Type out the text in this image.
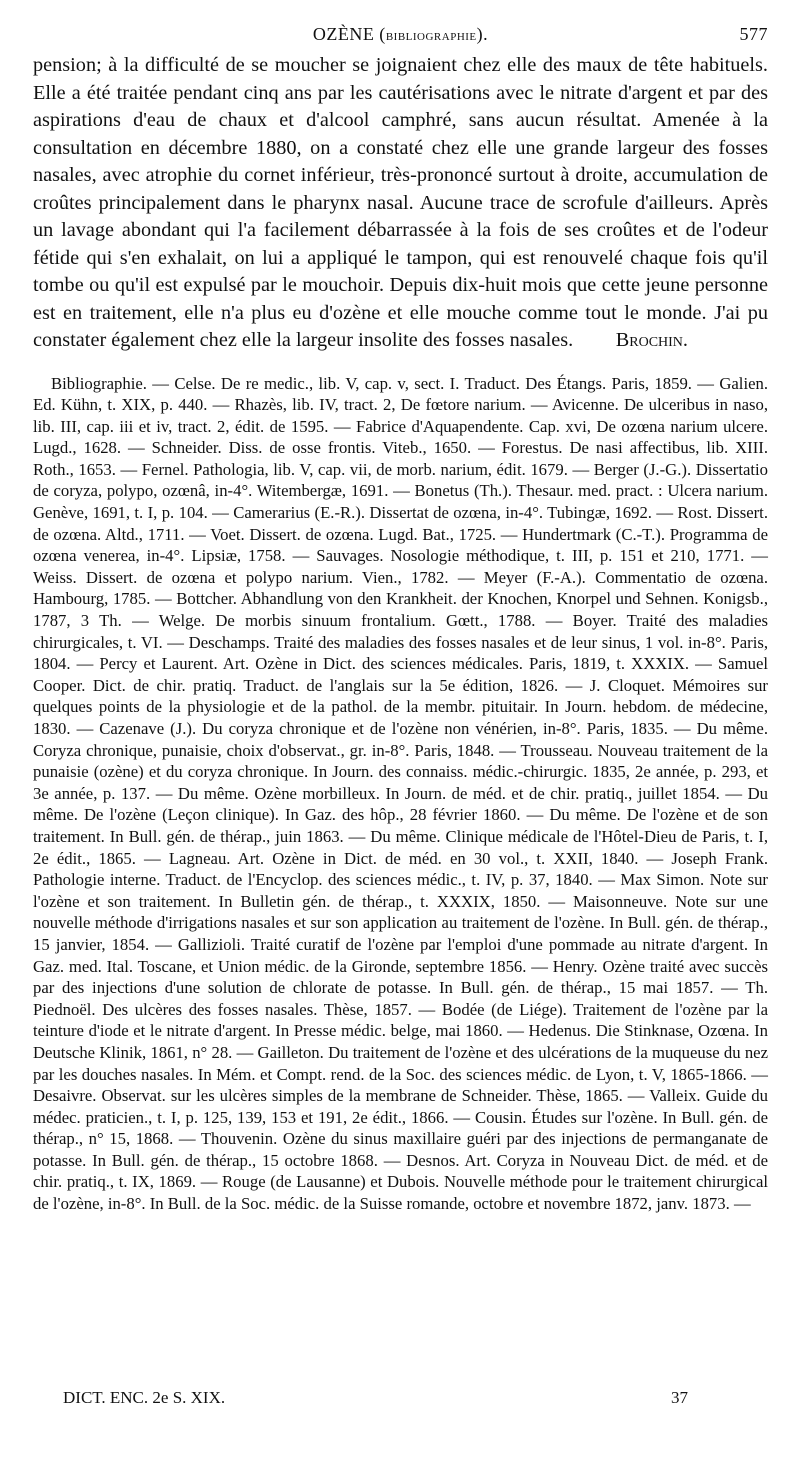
OZÈNE (bibliographie).	577

pension; à la difficulté de se moucher se joignaient chez elle des maux de tête habituels. Elle a été traitée pendant cinq ans par les cautérisations avec le nitrate d'argent et par des aspirations d'eau de chaux et d'alcool camphré, sans aucun résultat. Amenée à la consultation en décembre 1880, on a constaté chez elle une grande largeur des fosses nasales, avec atrophie du cornet inférieur, très-prononcé surtout à droite, accumulation de croûtes principalement dans le pharynx nasal. Aucune trace de scrofule d'ailleurs. Après un lavage abondant qui l'a facilement débarrassée à la fois de ses croûtes et de l'odeur fétide qui s'en exhalait, on lui a appliqué le tampon, qui est renouvelé chaque fois qu'il tombe ou qu'il est expulsé par le mouchoir. Depuis dix-huit mois que cette jeune personne est en traitement, elle n'a plus eu d'ozène et elle mouche comme tout le monde. J'ai pu constater également chez elle la largeur insolite des fosses nasales.	Brochin.
Bibliographie. — Celse. De re medic., lib. V, cap. v, sect. I. Traduct. Des Étangs. Paris, 1859. — Galien. Ed. Kühn, t. XIX, p. 440. — Rhazès, lib. IV, tract. 2, De fœtore narium. — Avicenne. De ulceribus in naso, lib. III, cap. iii et iv, tract. 2, édit. de 1595. — Fabrice d'Aquapendente. Cap. xvi, De ozœna narium ulcere. Lugd., 1628. — Schneider. Diss. de osse frontis. Viteb., 1650. — Forestus. De nasi affectibus, lib. XIII. Roth., 1653. — Fernel. Pathologia, lib. V, cap. vii, de morb. narium, édit. 1679. — Berger (J.-G.). Dissertatio de coryza, polypo, ozœnâ, in-4°. Witembergæ, 1691. — Bonetus (Th.). Thesaur. med. pract. : Ulcera narium. Genève, 1691, t. I, p. 104. — Camerarius (E.-R.). Dissertat de ozœna, in-4°. Tubingæ, 1692. — Rost. Dissert. de ozœna. Altd., 1711. — Voet. Dissert. de ozœna. Lugd. Bat., 1725. — Hundertmark (C.-T.). Programma de ozœna venerea, in-4°. Lipsiæ, 1758. — Sauvages. Nosologie méthodique, t. III, p. 151 et 210, 1771. — Weiss. Dissert. de ozœna et polypo narium. Vien., 1782. — Meyer (F.-A.). Commentatio de ozœna. Hambourg, 1785. — Bottcher. Abhandlung von den Krankheit. der Knochen, Knorpel und Sehnen. Konigsb., 1787, 3 Th. — Welge. De morbis sinuum frontalium. Gœtt., 1788. — Boyer. Traité des maladies chirurgicales, t. VI. — Deschamps. Traité des maladies des fosses nasales et de leur sinus, 1 vol. in-8°. Paris, 1804. — Percy et Laurent. Art. Ozène in Dict. des sciences médicales. Paris, 1819, t. XXXIX. — Samuel Cooper. Dict. de chir. pratiq. Traduct. de l'anglais sur la 5e édition, 1826. — J. Cloquet. Mémoires sur quelques points de la physiologie et de la pathol. de la membr. pituitair. In Journ. hebdom. de médecine, 1830. — Cazenave (J.). Du coryza chronique et de l'ozène non vénérien, in-8°. Paris, 1835. — Du même. Coryza chronique, punaisie, choix d'observat., gr. in-8°. Paris, 1848. — Trousseau. Nouveau traitement de la punaisie (ozène) et du coryza chronique. In Journ. des connaiss. médic.-chirurgic. 1835, 2e année, p. 293, et 3e année, p. 137. — Du même. Ozène morbilleux. In Journ. de méd. et de chir. pratiq., juillet 1854. — Du même. De l'ozène (Leçon clinique). In Gaz. des hôp., 28 février 1860. — Du même. De l'ozène et de son traitement. In Bull. gén. de thérap., juin 1863. — Du même. Clinique médicale de l'Hôtel-Dieu de Paris, t. I, 2e édit., 1865. — Lagneau. Art. Ozène in Dict. de méd. en 30 vol., t. XXII, 1840. — Joseph Frank. Pathologie interne. Traduct. de l'Encyclop. des sciences médic., t. IV, p. 37, 1840. — Max Simon. Note sur l'ozène et son traitement. In Bulletin gén. de thérap., t. XXXIX, 1850. — Maisonneuve. Note sur une nouvelle méthode d'irrigations nasales et sur son application au traitement de l'ozène. In Bull. gén. de thérap., 15 janvier, 1854. — Gallizioli. Traité curatif de l'ozène par l'emploi d'une pommade au nitrate d'argent. In Gaz. med. Ital. Toscane, et Union médic. de la Gironde, septembre 1856. — Henry. Ozène traité avec succès par des injections d'une solution de chlorate de potasse. In Bull. gén. de thérap., 15 mai 1857. — Th. Piednoël. Des ulcères des fosses nasales. Thèse, 1857. — Bodée (de Liége). Traitement de l'ozène par la teinture d'iode et le nitrate d'argent. In Presse médic. belge, mai 1860. — Hedenus. Die Stinknase, Ozœna. In Deutsche Klinik, 1861, n° 28. — Gailleton. Du traitement de l'ozène et des ulcérations de la muqueuse du nez par les douches nasales. In Mém. et Compt. rend. de la Soc. des sciences médic. de Lyon, t. V, 1865-1866. — Desaivre. Observat. sur les ulcères simples de la membrane de Schneider. Thèse, 1865. — Valleix. Guide du médec. praticien., t. I, p. 125, 139, 153 et 191, 2e édit., 1866. — Cousin. Études sur l'ozène. In Bull. gén. de thérap., n° 15, 1868. — Thouvenin. Ozène du sinus maxillaire guéri par des injections de permanganate de potasse. In Bull. gén. de thérap., 15 octobre 1868. — Desnos. Art. Coryza in Nouveau Dict. de méd. et de chir. pratiq., t. IX, 1869. — Rouge (de Lausanne) et Dubois. Nouvelle méthode pour le traitement chirurgical de l'ozène, in-8°. In Bull. de la Soc. médic. de la Suisse romande, octobre et novembre 1872, janv. 1873. —
DICT. ENC. 2e S. XIX.	37
